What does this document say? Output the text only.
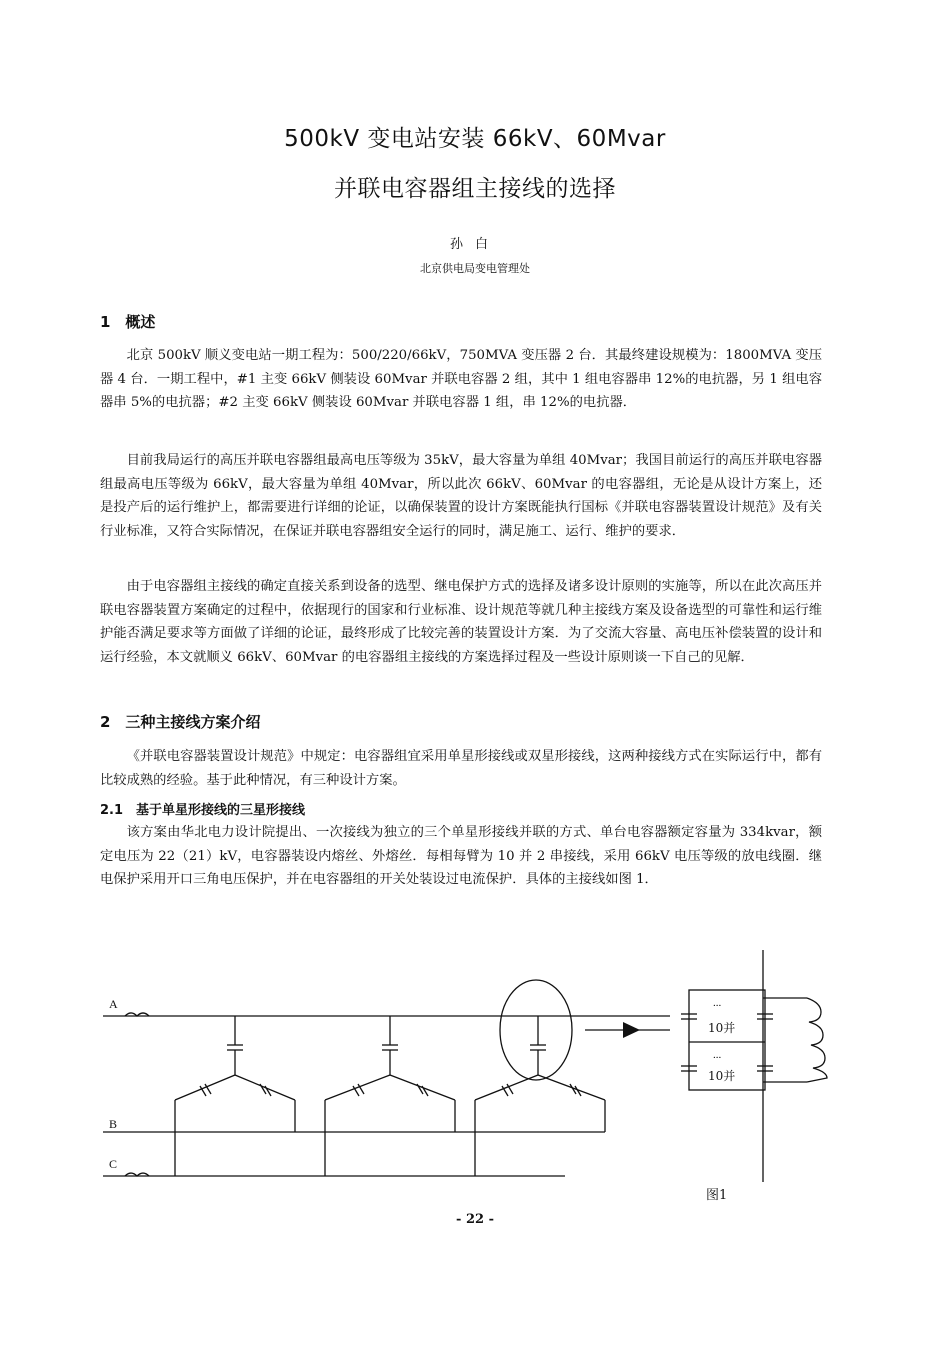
500kV 变电站安装 66kV、60Mvar
并联电容器组主接线的选择
孙白
北京供电局变电管理处
1　概述

北京 500kV 顺义变电站一期工程为：500/220/66kV，750MVA 变压器 2 台．其最终建设规模为：1800MVA 变压器 4 台．一期工程中，#1 主变 66kV 侧装设 60Mvar 并联电容器 2 组，其中 1 组电容器串 12%的电抗器，另 1 组电容器串 5%的电抗器；#2 主变 66kV 侧装设 60Mvar 并联电容器 1 组，串 12%的电抗器．

目前我局运行的高压并联电容器组最高电压等级为 35kV，最大容量为单组 40Mvar；我国目前运行的高压并联电容器组最高电压等级为 66kV，最大容量为单组 40Mvar，所以此次 66kV、60Mvar 的电容器组，无论是从设计方案上，还是投产后的运行维护上，都需要进行详细的论证，以确保装置的设计方案既能执行国标《并联电容器装置设计规范》及有关行业标准，又符合实际情况，在保证并联电容器组安全运行的同时，满足施工、运行、维护的要求．

由于电容器组主接线的确定直接关系到设备的选型、继电保护方式的选择及诸多设计原则的实施等，所以在此次高压并联电容器装置方案确定的过程中，依据现行的国家和行业标准、设计规范等就几种主接线方案及设备选型的可靠性和运行维护能否满足要求等方面做了详细的论证，最终形成了比较完善的装置设计方案．为了交流大容量、高电压补偿装置的设计和运行经验，本文就顺义 66kV、60Mvar 的电容器组主接线的方案选择过程及一些设计原则谈一下自己的见解．

2　三种主接线方案介绍

《并联电容器装置设计规范》中规定：电容器组宜采用单星形接线或双星形接线，这两种接线方式在实际运行中，都有比较成熟的经验。基于此种情况，有三种设计方案。

2.1　基于单星形接线的三星形接线

该方案由华北电力设计院提出、一次接线为独立的三个单星形接线并联的方式、单台电容器额定容量为 334kvar，额定电压为 22（21）kV，电容器装设内熔丝、外熔丝．每相每臂为 10 并 2 串接线，采用 66kV 电压等级的放电线圈．继电保护采用开口三角电压保护，并在电容器组的开关处装设过电流保护．具体的主接线如图 1．

A
B
C
...
10并
...
10并
图1
- 22 -
